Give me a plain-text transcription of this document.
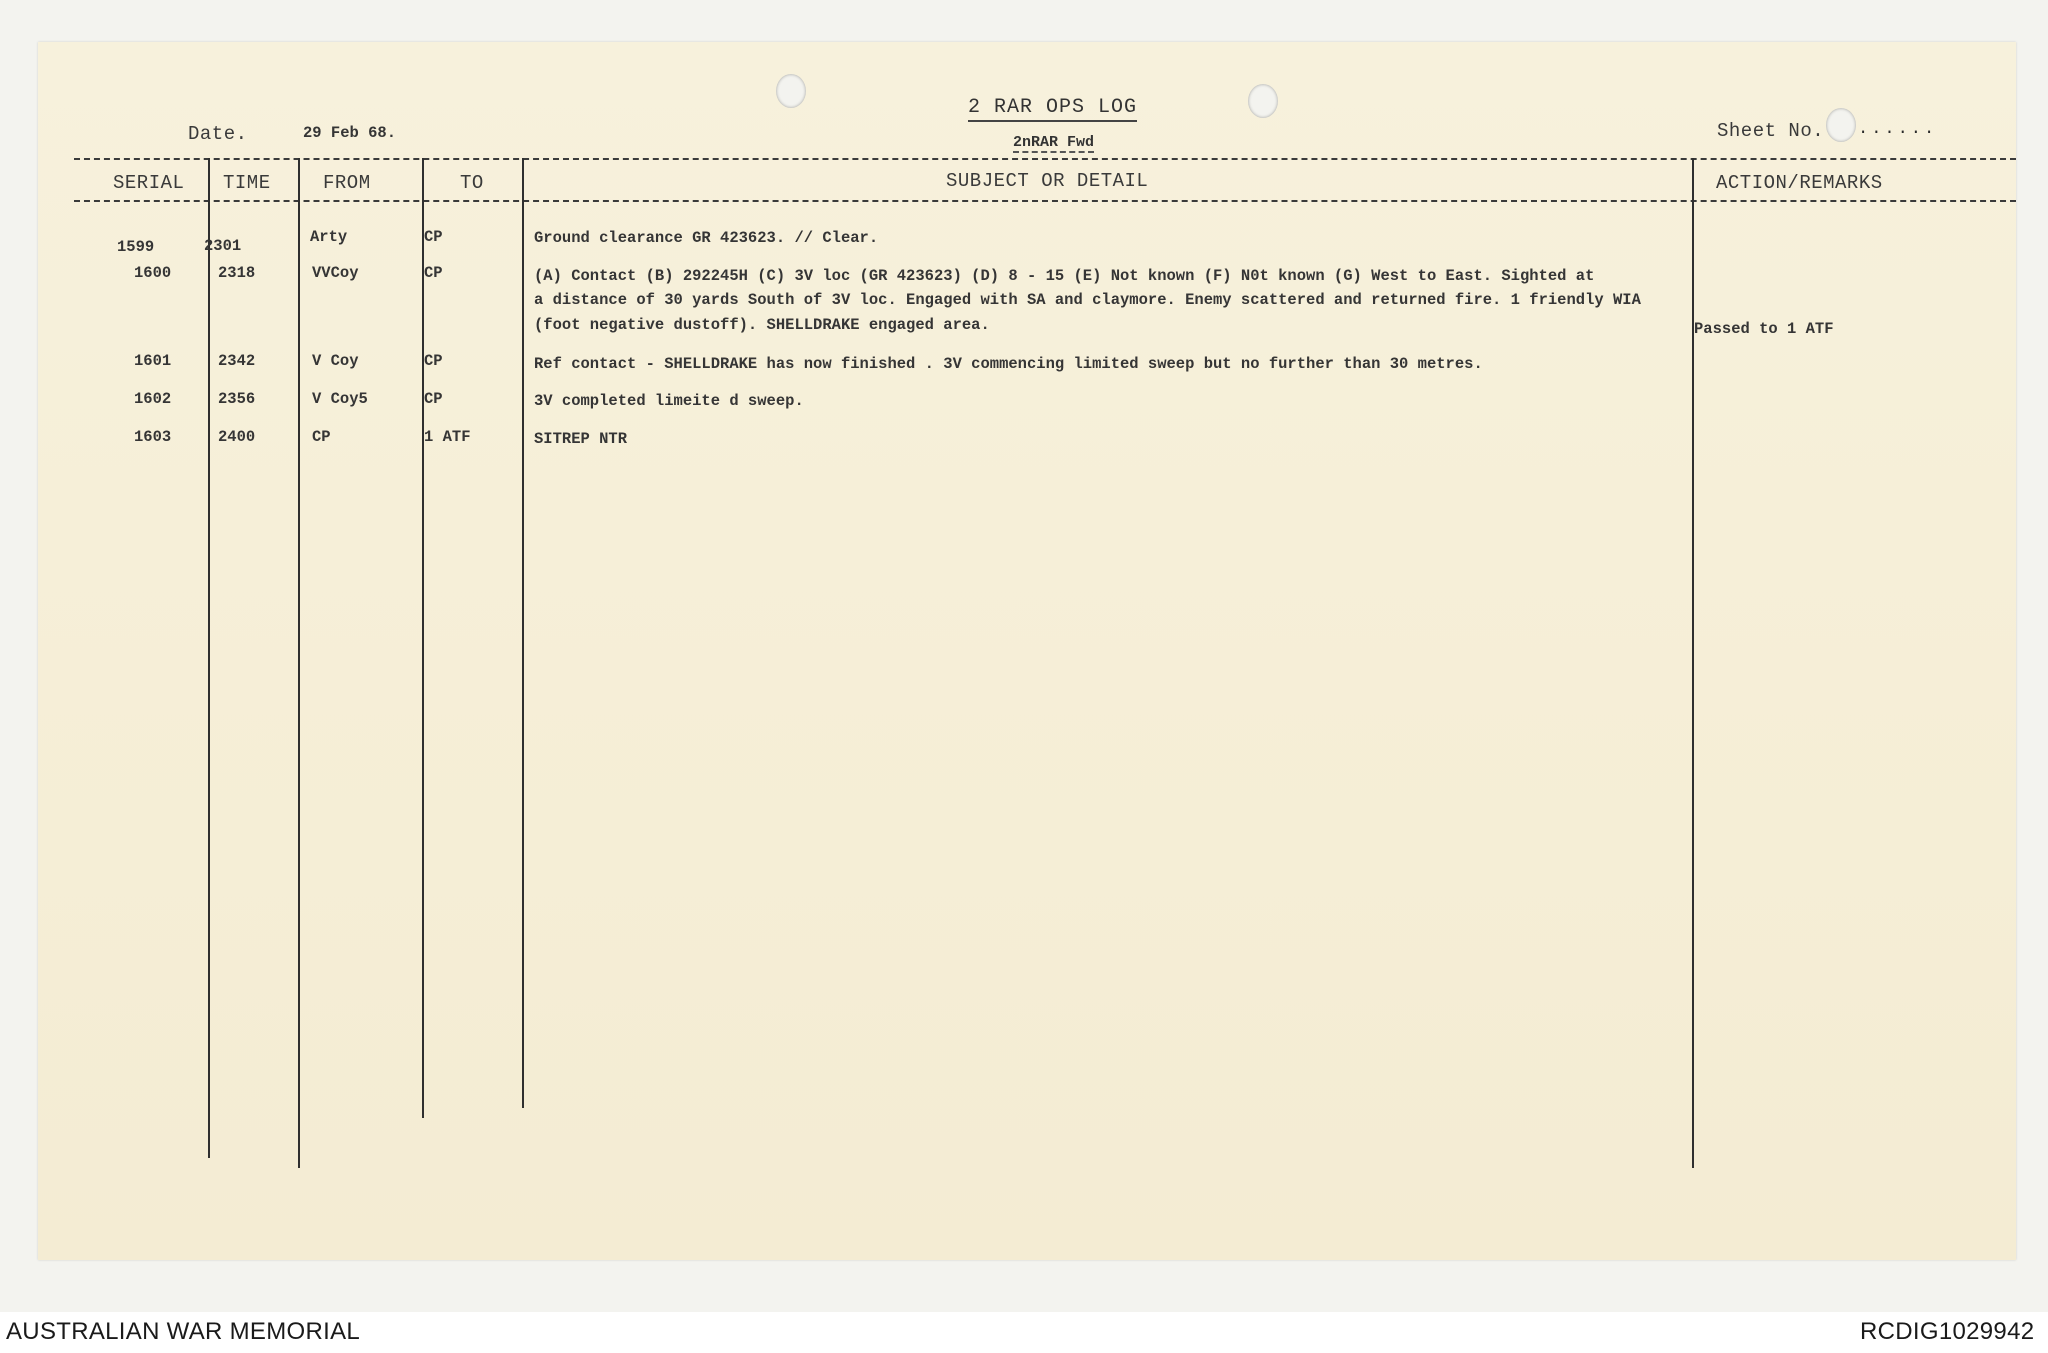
2 RAR OPS LOG
2nRAR Fwd
Date.	29 Feb 68.	Sheet No. ......
SERIAL TIME	FROM	TO	SUBJECT OR DETAIL	ACTION/REMARKS
1599	2301	Arty	CP	Ground clearance GR 423623. // Clear.
1600	2318	VVCoy	CP	(A) Contact (B) 292245H (C) 3V loc (GR 423623) (D) 8 - 15 (E) Not known (F) N0t known (G) West to East. Sighted at
a distance of 30 yards South of 3V loc. Engaged with SA and claymore. Enemy scattered and returned fire. 1 friendly WIA
(foot negative dustoff). SHELLDRAKE engaged area.	Passed to 1 ATF
1601	2342	V Coy	CP	Ref contact - SHELLDRAKE has now finished . 3V commencing limited sweep but no further than 30 metres.
1602	2356	V Coy5	CP	3V completed limeite d sweep.
1603	2400	CP	1 ATF	SITREP NTR
AUSTRALIAN WAR MEMORIAL	RCDIG1029942
